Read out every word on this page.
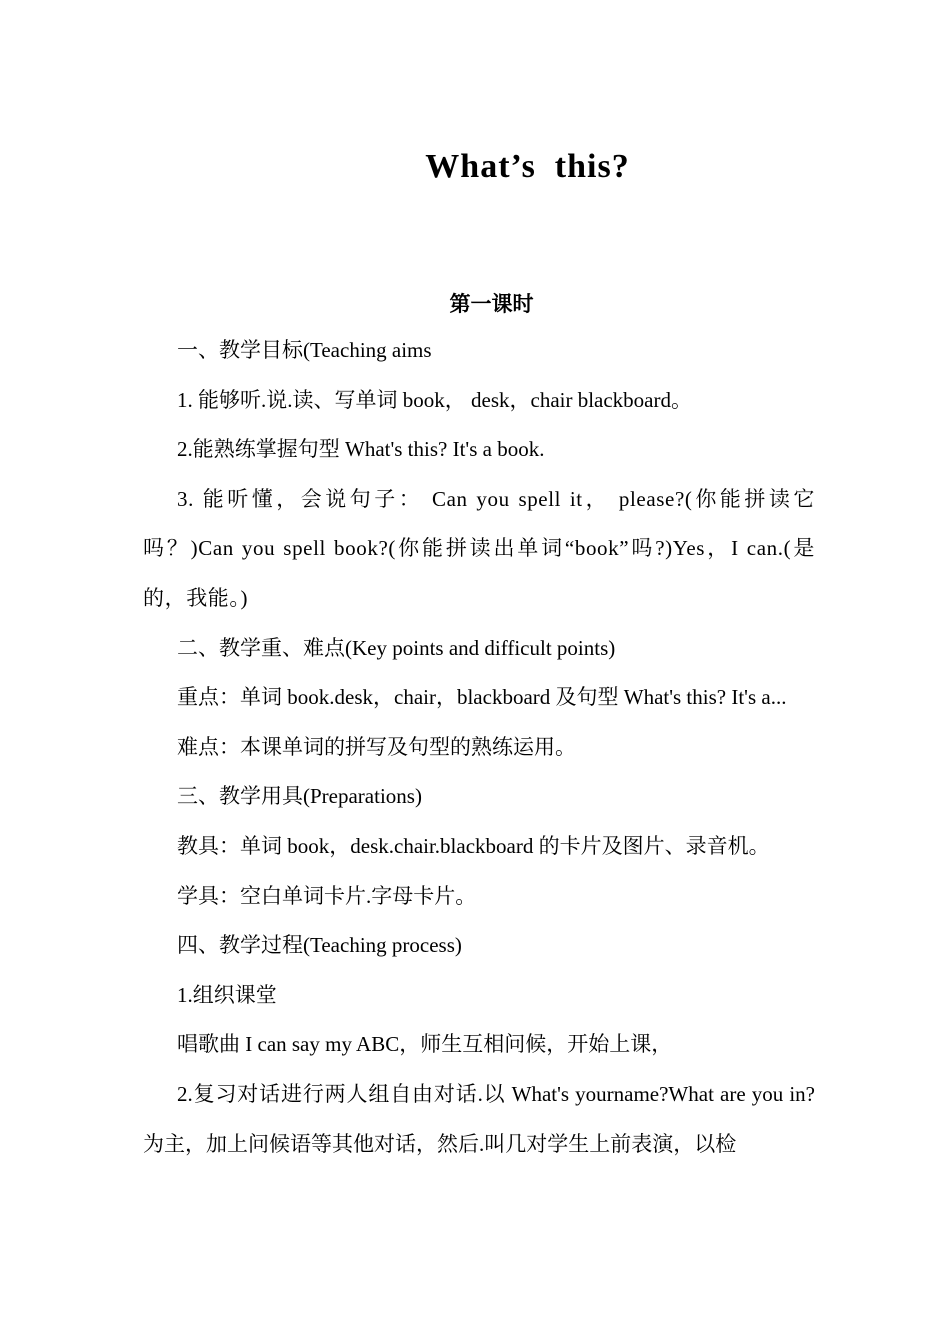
What’s  this?
第一课时

一、教学目标(Teaching aims

1. 能够听.说.读、写单词 book， desk，chair blackboard。

2.能熟练掌握句型 What's this? It's a book.

3. 能听懂，会说句子： Can you spell it， please?(你能拼读它吗？)Can you spell book?(你能拼读出单词“book”吗?)Yes，I can.(是的，我能。)

二、教学重、难点(Key points and difficult points)

重点：单词 book.desk，chair，blackboard 及句型 What's this? It's a...

难点：本课单词的拼写及句型的熟练运用。

三、教学用具(Preparations)

教具：单词 book，desk.chair.blackboard 的卡片及图片、录音机。

学具：空白单词卡片.字母卡片。

四、教学过程(Teaching process)

1.组织课堂

唱歌曲 I can say my ABC，师生互相问候，开始上课，

2.复习对话进行两人组自由对话.以 What's yourname?What are you in?为主，加上问候语等其他对话，然后.叫几对学生上前表演，以检
